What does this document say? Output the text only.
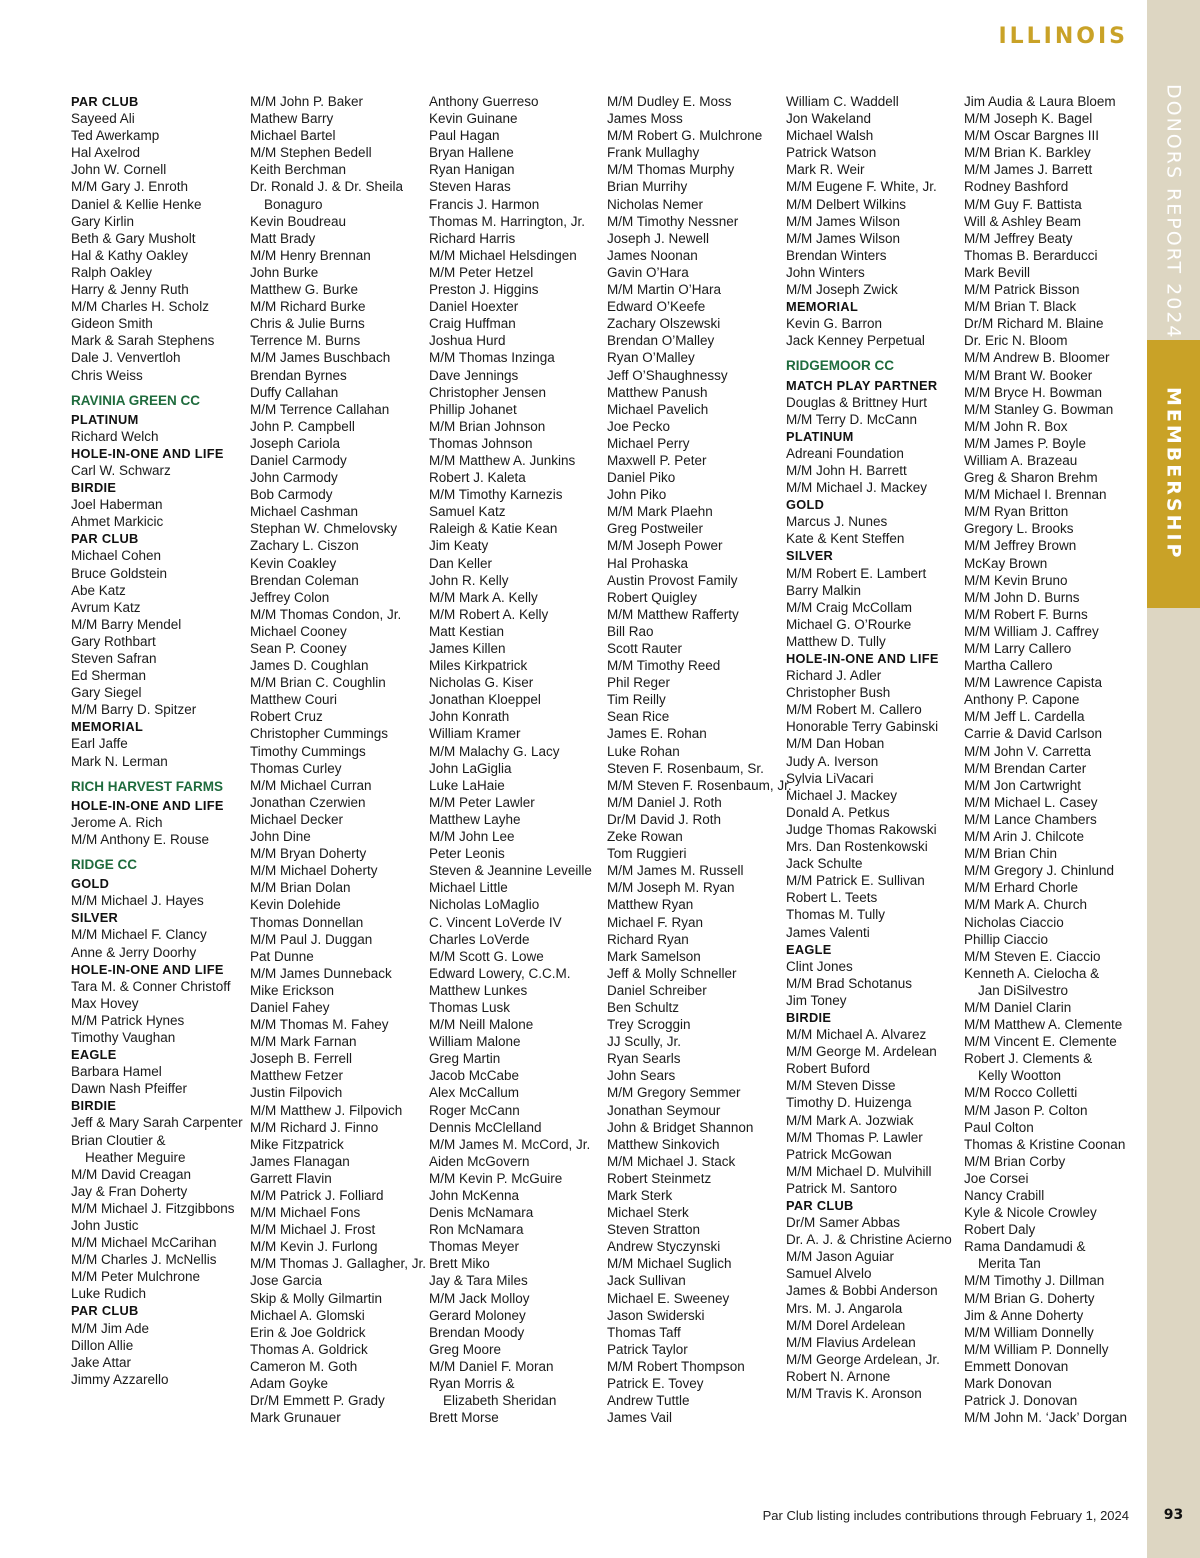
ILLINOIS
DONORS REPORT 2024
MEMBERSHIP
PAR CLUB
Sayeed Ali
Ted Awerkamp
Hal Axelrod
John W. Cornell
M/M Gary J. Enroth
Daniel & Kellie Henke
Gary Kirlin
Beth & Gary Musholt
Hal & Kathy Oakley
Ralph Oakley
Harry & Jenny Ruth
M/M Charles H. Scholz
Gideon Smith
Mark & Sarah Stephens
Dale J. Venvertloh
Chris Weiss
RAVINIA GREEN CC
PLATINUM
Richard Welch
HOLE-IN-ONE AND LIFE
Carl W. Schwarz
BIRDIE
Joel Haberman
Ahmet Markicic
PAR CLUB
Michael Cohen
Bruce Goldstein
Abe Katz
Avrum Katz
M/M Barry Mendel
Gary Rothbart
Steven Safran
Ed Sherman
Gary Siegel
M/M Barry D. Spitzer
MEMORIAL
Earl Jaffe
Mark N. Lerman
RICH HARVEST FARMS
HOLE-IN-ONE AND LIFE
Jerome A. Rich
M/M Anthony E. Rouse
RIDGE CC
GOLD
M/M Michael J. Hayes
SILVER
M/M Michael F. Clancy
Anne & Jerry Doorhy
HOLE-IN-ONE AND LIFE
Tara M. & Conner Christoff
Max Hovey
M/M Patrick Hynes
Timothy Vaughan
EAGLE
Barbara Hamel
Dawn Nash Pfeiffer
BIRDIE
Jeff & Mary Sarah Carpenter
Brian Cloutier &
Heather Meguire
M/M David Creagan
Jay & Fran Doherty
M/M Michael J. Fitzgibbons
John Justic
M/M Michael McCarihan
M/M Charles J. McNellis
M/M Peter Mulchrone
Luke Rudich
PAR CLUB
M/M Jim Ade
Dillon Allie
Jake Attar
Jimmy Azzarello
M/M John P. Baker
Mathew Barry
Michael Bartel
M/M Stephen Bedell
Keith Berchman
Dr. Ronald J. & Dr. Sheila
Bonaguro
Kevin Boudreau
Matt Brady
M/M Henry Brennan
John Burke
Matthew G. Burke
M/M Richard Burke
Chris & Julie Burns
Terrence M. Burns
M/M James Buschbach
Brendan Byrnes
Duffy Callahan
M/M Terrence Callahan
John P. Campbell
Joseph Cariola
Daniel Carmody
John Carmody
Bob Carmody
Michael Cashman
Stephan W. Chmelovsky
Zachary L. Ciszon
Kevin Coakley
Brendan Coleman
Jeffrey Colon
M/M Thomas Condon, Jr.
Michael Cooney
Sean P. Cooney
James D. Coughlan
M/M Brian C. Coughlin
Matthew Couri
Robert Cruz
Christopher Cummings
Timothy Cummings
Thomas Curley
M/M Michael Curran
Jonathan Czerwien
Michael Decker
John Dine
M/M Bryan Doherty
M/M Michael Doherty
M/M Brian Dolan
Kevin Dolehide
Thomas Donnellan
M/M Paul J. Duggan
Pat Dunne
M/M James Dunneback
Mike Erickson
Daniel Fahey
M/M Thomas M. Fahey
M/M Mark Farnan
Joseph B. Ferrell
Matthew Fetzer
Justin Filpovich
M/M Matthew J. Filpovich
M/M Richard J. Finno
Mike Fitzpatrick
James Flanagan
Garrett Flavin
M/M Patrick J. Folliard
M/M Michael Fons
M/M Michael J. Frost
M/M Kevin J. Furlong
M/M Thomas J. Gallagher, Jr.
Jose Garcia
Skip & Molly Gilmartin
Michael A. Glomski
Erin & Joe Goldrick
Thomas A. Goldrick
Cameron M. Goth
Adam Goyke
Dr/M Emmett P. Grady
Mark Grunauer
Anthony Guerreso
Kevin Guinane
Paul Hagan
Bryan Hallene
Ryan Hanigan
Steven Haras
Francis J. Harmon
Thomas M. Harrington, Jr.
Richard Harris
M/M Michael Helsdingen
M/M Peter Hetzel
Preston J. Higgins
Daniel Hoexter
Craig Huffman
Joshua Hurd
M/M Thomas Inzinga
Dave Jennings
Christopher Jensen
Phillip Johanet
M/M Brian Johnson
Thomas Johnson
M/M Matthew A. Junkins
Robert J. Kaleta
M/M Timothy Karnezis
Samuel Katz
Raleigh & Katie Kean
Jim Keaty
Dan Keller
John R. Kelly
M/M Mark A. Kelly
M/M Robert A. Kelly
Matt Kestian
James Killen
Miles Kirkpatrick
Nicholas G. Kiser
Jonathan Kloeppel
John Konrath
William Kramer
M/M Malachy G. Lacy
John LaGiglia
Luke LaHaie
M/M Peter Lawler
Matthew Layhe
M/M John Lee
Peter Leonis
Steven & Jeannine Leveille
Michael Little
Nicholas LoMaglio
C. Vincent LoVerde IV
Charles LoVerde
M/M Scott G. Lowe
Edward Lowery, C.C.M.
Matthew Lunkes
Thomas Lusk
M/M Neill Malone
William Malone
Greg Martin
Jacob McCabe
Alex McCallum
Roger McCann
Dennis McClelland
M/M James M. McCord, Jr.
Aiden McGovern
M/M Kevin P. McGuire
John McKenna
Denis McNamara
Ron McNamara
Thomas Meyer
Brett Miko
Jay & Tara Miles
M/M Jack Molloy
Gerard Moloney
Brendan Moody
Greg Moore
M/M Daniel F. Moran
Ryan Morris &
Elizabeth Sheridan
Brett Morse
M/M Dudley E. Moss
James Moss
M/M Robert G. Mulchrone
Frank Mullaghy
M/M Thomas Murphy
Brian Murrihy
Nicholas Nemer
M/M Timothy Nessner
Joseph J. Newell
James Noonan
Gavin O’Hara
M/M Martin O’Hara
Edward O’Keefe
Zachary Olszewski
Brendan O’Malley
Ryan O’Malley
Jeff O’Shaughnessy
Matthew Panush
Michael Pavelich
Joe Pecko
Michael Perry
Maxwell P. Peter
Daniel Piko
John Piko
M/M Mark Plaehn
Greg Postweiler
M/M Joseph Power
Hal Prohaska
Austin Provost Family
Robert Quigley
M/M Matthew Rafferty
Bill Rao
Scott Rauter
M/M Timothy Reed
Phil Reger
Tim Reilly
Sean Rice
James E. Rohan
Luke Rohan
Steven F. Rosenbaum, Sr.
M/M Steven F. Rosenbaum, Jr.
M/M Daniel J. Roth
Dr/M David J. Roth
Zeke Rowan
Tom Ruggieri
M/M James M. Russell
M/M Joseph M. Ryan
Matthew Ryan
Michael F. Ryan
Richard Ryan
Mark Samelson
Jeff & Molly Schneller
Daniel Schreiber
Ben Schultz
Trey Scroggin
JJ Scully, Jr.
Ryan Searls
John Sears
M/M Gregory Semmer
Jonathan Seymour
John & Bridget Shannon
Matthew Sinkovich
M/M Michael J. Stack
Robert Steinmetz
Mark Sterk
Michael Sterk
Steven Stratton
Andrew Styczynski
M/M Michael Suglich
Jack Sullivan
Michael E. Sweeney
Jason Swiderski
Thomas Taff
Patrick Taylor
M/M Robert Thompson
Patrick E. Tovey
Andrew Tuttle
James Vail
William C. Waddell
Jon Wakeland
Michael Walsh
Patrick Watson
Mark R. Weir
M/M Eugene F. White, Jr.
M/M Delbert Wilkins
M/M James Wilson
M/M James Wilson
Brendan Winters
John Winters
M/M Joseph Zwick
MEMORIAL
Kevin G. Barron
Jack Kenney Perpetual
RIDGEMOOR CC
MATCH PLAY PARTNER
Douglas & Brittney Hurt
M/M Terry D. McCann
PLATINUM
Adreani Foundation
M/M John H. Barrett
M/M Michael J. Mackey
GOLD
Marcus J. Nunes
Kate & Kent Steffen
SILVER
M/M Robert E. Lambert
Barry Malkin
M/M Craig McCollam
Michael G. O’Rourke
Matthew D. Tully
HOLE-IN-ONE AND LIFE
Richard J. Adler
Christopher Bush
M/M Robert M. Callero
Honorable Terry Gabinski
M/M Dan Hoban
Judy A. Iverson
Sylvia LiVacari
Michael J. Mackey
Donald A. Petkus
Judge Thomas Rakowski
Mrs. Dan Rostenkowski
Jack Schulte
M/M Patrick E. Sullivan
Robert L. Teets
Thomas M. Tully
James Valenti
EAGLE
Clint Jones
M/M Brad Schotanus
Jim Toney
BIRDIE
M/M Michael A. Alvarez
M/M George M. Ardelean
Robert Buford
M/M Steven Disse
Timothy D. Huizenga
M/M Mark A. Jozwiak
M/M Thomas P. Lawler
Patrick McGowan
M/M Michael D. Mulvihill
Patrick M. Santoro
PAR CLUB
Dr/M Samer Abbas
Dr. A. J. & Christine Acierno
M/M Jason Aguiar
Samuel Alvelo
James & Bobbi Anderson
Mrs. M. J. Angarola
M/M Dorel Ardelean
M/M Flavius Ardelean
M/M George Ardelean, Jr.
Robert N. Arnone
M/M Travis K. Aronson
Jim Audia & Laura Bloem
M/M Joseph K. Bagel
M/M Oscar Bargnes III
M/M Brian K. Barkley
M/M James J. Barrett
Rodney Bashford
M/M Guy F. Battista
Will & Ashley Beam
M/M Jeffrey Beaty
Thomas B. Berarducci
Mark Bevill
M/M Patrick Bisson
M/M Brian T. Black
Dr/M Richard M. Blaine
Dr. Eric N. Bloom
M/M Andrew B. Bloomer
M/M Brant W. Booker
M/M Bryce H. Bowman
M/M Stanley G. Bowman
M/M John R. Box
M/M James P. Boyle
William A. Brazeau
Greg & Sharon Brehm
M/M Michael I. Brennan
M/M Ryan Britton
Gregory L. Brooks
M/M Jeffrey Brown
McKay Brown
M/M Kevin Bruno
M/M John D. Burns
M/M Robert F. Burns
M/M William J. Caffrey
M/M Larry Callero
Martha Callero
M/M Lawrence Capista
Anthony P. Capone
M/M Jeff L. Cardella
Carrie & David Carlson
M/M John V. Carretta
M/M Brendan Carter
M/M Jon Cartwright
M/M Michael L. Casey
M/M Lance Chambers
M/M Arin J. Chilcote
M/M Brian Chin
M/M Gregory J. Chinlund
M/M Erhard Chorle
M/M Mark A. Church
Nicholas Ciaccio
Phillip Ciaccio
M/M Steven E. Ciaccio
Kenneth A. Cielocha &
Jan DiSilvestro
M/M Daniel Clarin
M/M Matthew A. Clemente
M/M Vincent E. Clemente
Robert J. Clements &
Kelly Wootton
M/M Rocco Colletti
M/M Jason P. Colton
Paul Colton
Thomas & Kristine Coonan
M/M Brian Corby
Joe Corsei
Nancy Crabill
Kyle & Nicole Crowley
Robert Daly
Rama Dandamudi &
Merita Tan
M/M Timothy J. Dillman
M/M Brian G. Doherty
Jim & Anne Doherty
M/M William Donnelly
M/M William P. Donnelly
Emmett Donovan
Mark Donovan
Patrick J. Donovan
M/M John M. ‘Jack’ Dorgan
Par Club listing includes contributions through February 1, 2024	93
